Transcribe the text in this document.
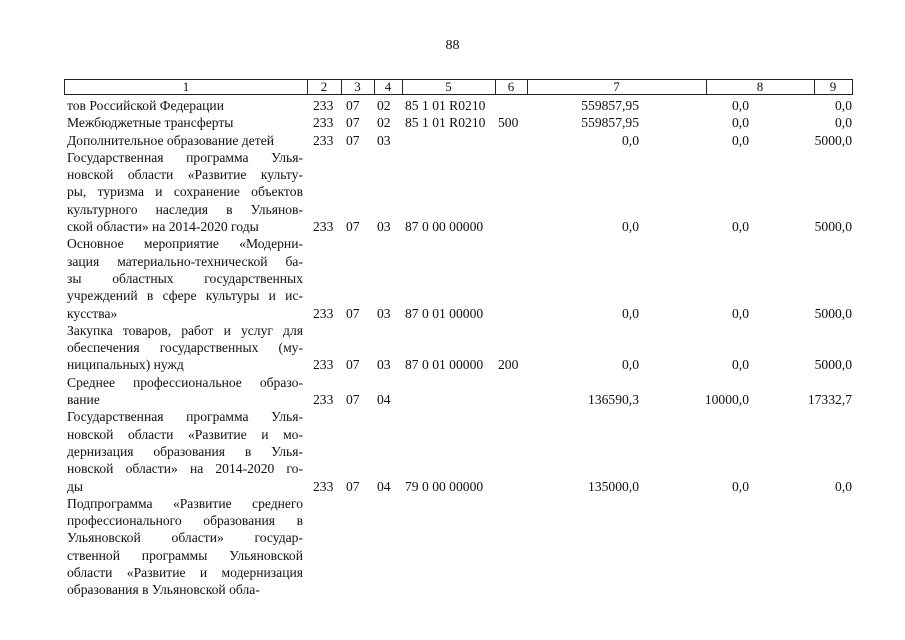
88
1	2	3	4	5	6	7	8	9
тов Российской Федерации	233 07 02 85 1 01 R0210	559857,95	0,0	0,0
Межбюджетные трансферты	233 07 02 85 1 01 R0210 500	559857,95	0,0	0,0
Дополнительное образование детей	233 07 03	0,0	0,0	5000,0
Государственная программа Улья-
новской области «Развитие культу-
ры, туризма и сохранение объектов
культурного наследия в Ульянов-
ской области» на 2014-2020 годы	233 07 03 87 0 00 00000	0,0	0,0	5000,0
Основное мероприятие «Модерни-
зация материально-технической ба-
зы областных государственных
учреждений в сфере культуры и ис-
кусства»	233 07 03 87 0 01 00000	0,0	0,0	5000,0
Закупка товаров, работ и услуг для
обеспечения государственных (му-
ниципальных) нужд	233 07 03 87 0 01 00000 200	0,0	0,0	5000,0
Среднее профессиональное образо-
вание	233 07 04	136590,3	10000,0	17332,7
Государственная программа Улья-
новской области «Развитие и мо-
дернизация образования в Улья-
новской области» на 2014-2020 го-
ды	233 07 04 79 0 00 00000	135000,0	0,0	0,0
Подпрограмма «Развитие среднего
профессионального образования в
Ульяновской области» государ-
ственной программы Ульяновской
области «Развитие и модернизация
образования в Ульяновской обла-
